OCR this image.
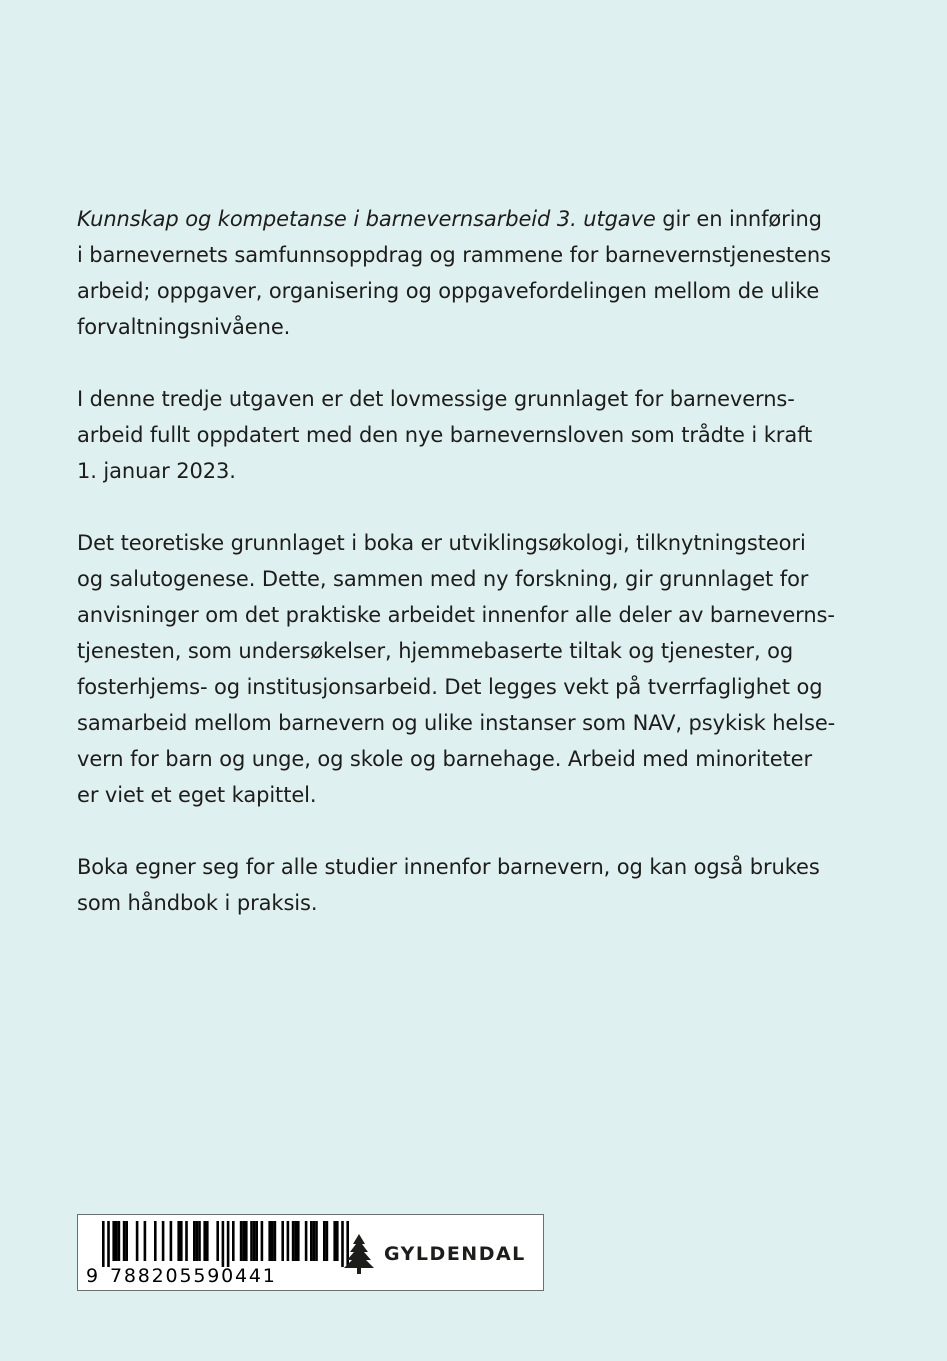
Kunnskap og kompetanse i barnevernsarbeid 3. utgave gir en innføring
i barnevernets samfunnsoppdrag og rammene for barnevernstjenestens
arbeid; oppgaver, organisering og oppgavefordelingen mellom de ulike
forvaltningsnivåene.

I denne tredje utgaven er det lovmessige grunnlaget for barneverns-
arbeid fullt oppdatert med den nye barnevernsloven som trådte i kraft
1. januar 2023.

Det teoretiske grunnlaget i boka er utviklingsøkologi, tilknytningsteori
og salutogenese. Dette, sammen med ny forskning, gir grunnlaget for
anvisninger om det praktiske arbeidet innenfor alle deler av barneverns-
tjenesten, som undersøkelser, hjemmebaserte tiltak og tjenester, og
fosterhjems- og institusjonsarbeid. Det legges vekt på tverrfaglighet og
samarbeid mellom barnevern og ulike instanser som NAV, psykisk helse-
vern for barn og unge, og skole og barnehage. Arbeid med minoriteter
er viet et eget kapittel.

Boka egner seg for alle studier innenfor barnevern, og kan også brukes
som håndbok i praksis.

9 788205590441
GYLDENDAL
